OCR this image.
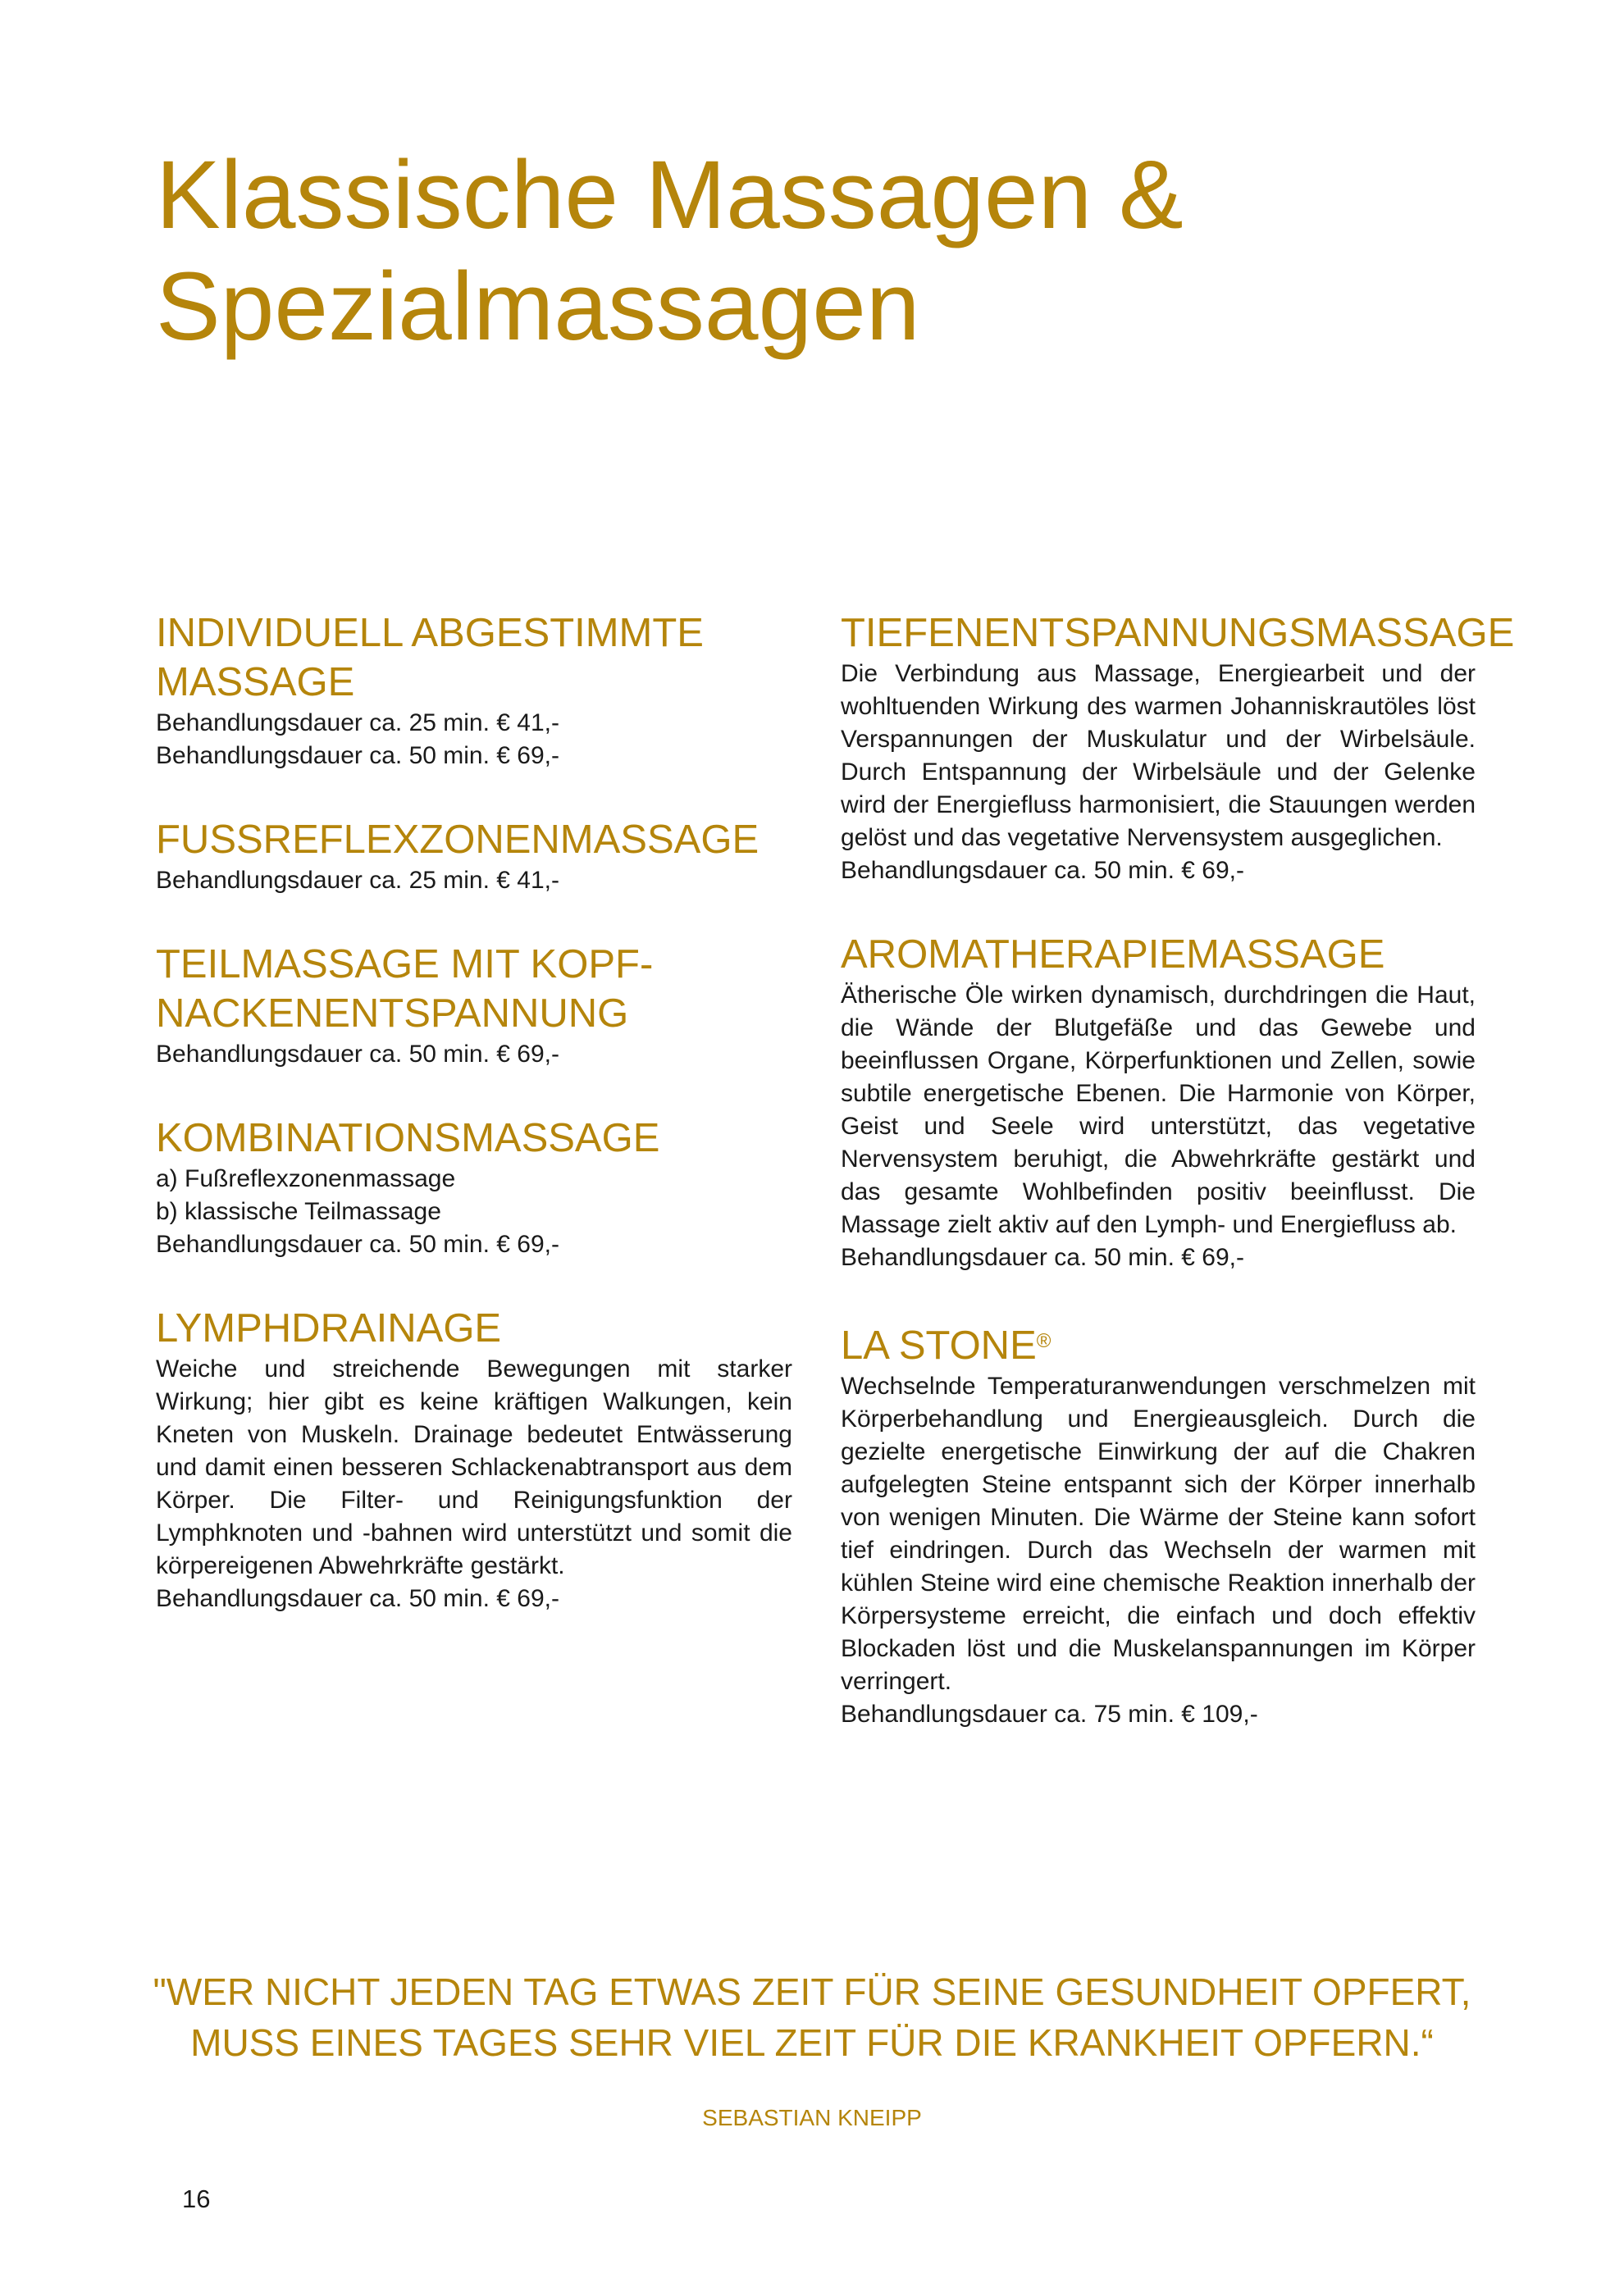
Klassische Massagen &
Spezialmassagen
INDIVIDUELL ABGESTIMMTE MASSAGE

Behandlungsdauer ca. 25 min. € 41,-

Behandlungsdauer ca. 50 min. € 69,-

FUSSREFLEXZONENMASSAGE

Behandlungsdauer ca. 25 min. € 41,-

TEILMASSAGE MIT KOPF-NACKENENTSPANNUNG

Behandlungsdauer ca. 50 min. € 69,-

KOMBINATIONSMASSAGE

a) Fußreflexzonenmassage

b) klassische Teilmassage

Behandlungsdauer ca. 50 min. € 69,-

LYMPHDRAINAGE

Weiche und streichende Bewegungen mit starker Wirkung; hier gibt es keine kräftigen Walkungen, kein Kneten von Muskeln. Drainage bedeutet Entwässerung und damit einen besseren Schlackenabtransport aus dem Körper. Die Filter- und Reinigungsfunktion der Lymphknoten und -bahnen wird unterstützt und somit die körpereigenen Abwehrkräfte gestärkt.

Behandlungsdauer ca. 50 min. € 69,-

TIEFENENTSPANNUNGSMASSAGE

Die Verbindung aus Massage, Energiearbeit und der wohltuenden Wirkung des warmen Johanniskrautöles löst Verspannungen der Muskulatur und der Wirbelsäule. Durch Entspannung der Wirbelsäule und der Gelenke wird der Energiefluss harmonisiert, die Stauungen werden gelöst und das vegetative Nervensystem ausgeglichen.

Behandlungsdauer ca. 50 min. € 69,-

AROMATHERAPIEMASSAGE

Ätherische Öle wirken dynamisch, durchdringen die Haut, die Wände der Blutgefäße und das Gewebe und beeinflussen Organe, Körperfunktionen und Zellen, sowie subtile energetische Ebenen. Die Harmonie von Körper, Geist und Seele wird unterstützt, das vegetative Nervensystem beruhigt, die Abwehrkräfte gestärkt und das gesamte Wohlbefinden positiv beeinflusst. Die Massage zielt aktiv auf den Lymph- und Energiefluss ab.

Behandlungsdauer ca. 50 min. € 69,-

LA STONE®

Wechselnde Temperaturanwendungen verschmelzen mit Körperbehandlung und Energieausgleich. Durch die gezielte energetische Einwirkung der auf die Chakren aufgelegten Steine entspannt sich der Körper innerhalb von wenigen Minuten. Die Wärme der Steine kann sofort tief eindringen. Durch das Wechseln der warmen mit kühlen Steine wird eine chemische Reaktion innerhalb der Körpersysteme erreicht, die einfach und doch effektiv Blockaden löst und die Muskelanspannungen im Körper verringert.

Behandlungsdauer ca. 75 min. € 109,-

"WER NICHT JEDEN TAG ETWAS ZEIT FÜR SEINE GESUNDHEIT OPFERT,
MUSS EINES TAGES SEHR VIEL ZEIT FÜR DIE KRANKHEIT OPFERN.“
SEBASTIAN KNEIPP
16
